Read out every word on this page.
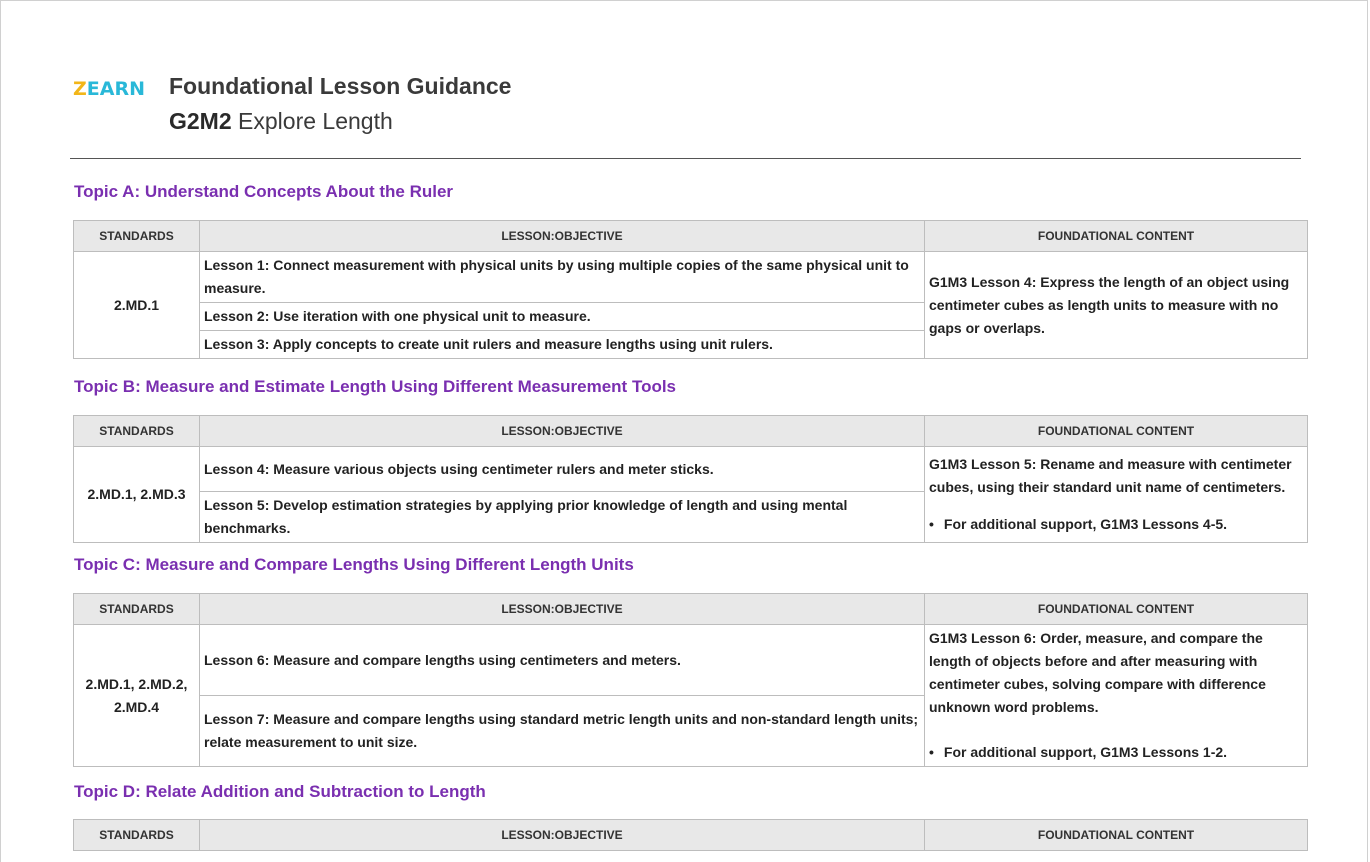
ZEARN Foundational Lesson Guidance
G2M2 Explore Length
Topic A: Understand Concepts About the Ruler
STANDARDS	LESSON:OBJECTIVE	FOUNDATIONAL CONTENT
2.MD.1	Lesson 1: Connect measurement with physical units by using multiple copies of the same physical unit to measure.	G1M3 Lesson 4: Express the length of an object using centimeter cubes as length units to measure with no gaps or overlaps.

	Lesson 2: Use iteration with one physical unit to measure.	
	Lesson 3: Apply concepts to create unit rulers and measure lengths using unit rulers.	
Topic B: Measure and Estimate Length Using Different Measurement Tools
STANDARDS	LESSON:OBJECTIVE	FOUNDATIONAL CONTENT
2.MD.1, 2.MD.3	Lesson 4: Measure various objects using centimeter rulers and meter sticks.	G1M3 Lesson 5: Rename and measure with centimeter cubes, using their standard unit name of centimeters.
• For additional support, G1M3 Lessons 4-5.

	Lesson 5: Develop estimation strategies by applying prior knowledge of length and using mental benchmarks.	
Topic C: Measure and Compare Lengths Using Different Length Units
STANDARDS	LESSON:OBJECTIVE	FOUNDATIONAL CONTENT
2.MD.1, 2.MD.2, 2.MD.4	Lesson 6: Measure and compare lengths using centimeters and meters.	G1M3 Lesson 6: Order, measure, and compare the length of objects before and after measuring with centimeter cubes, solving compare with difference unknown word problems.
• For additional support, G1M3 Lessons 1-2.

	Lesson 7: Measure and compare lengths using standard metric length units and non-standard length units; relate measurement to unit size.	
Topic D: Relate Addition and Subtraction to Length
STANDARDS	LESSON:OBJECTIVE	FOUNDATIONAL CONTENT
